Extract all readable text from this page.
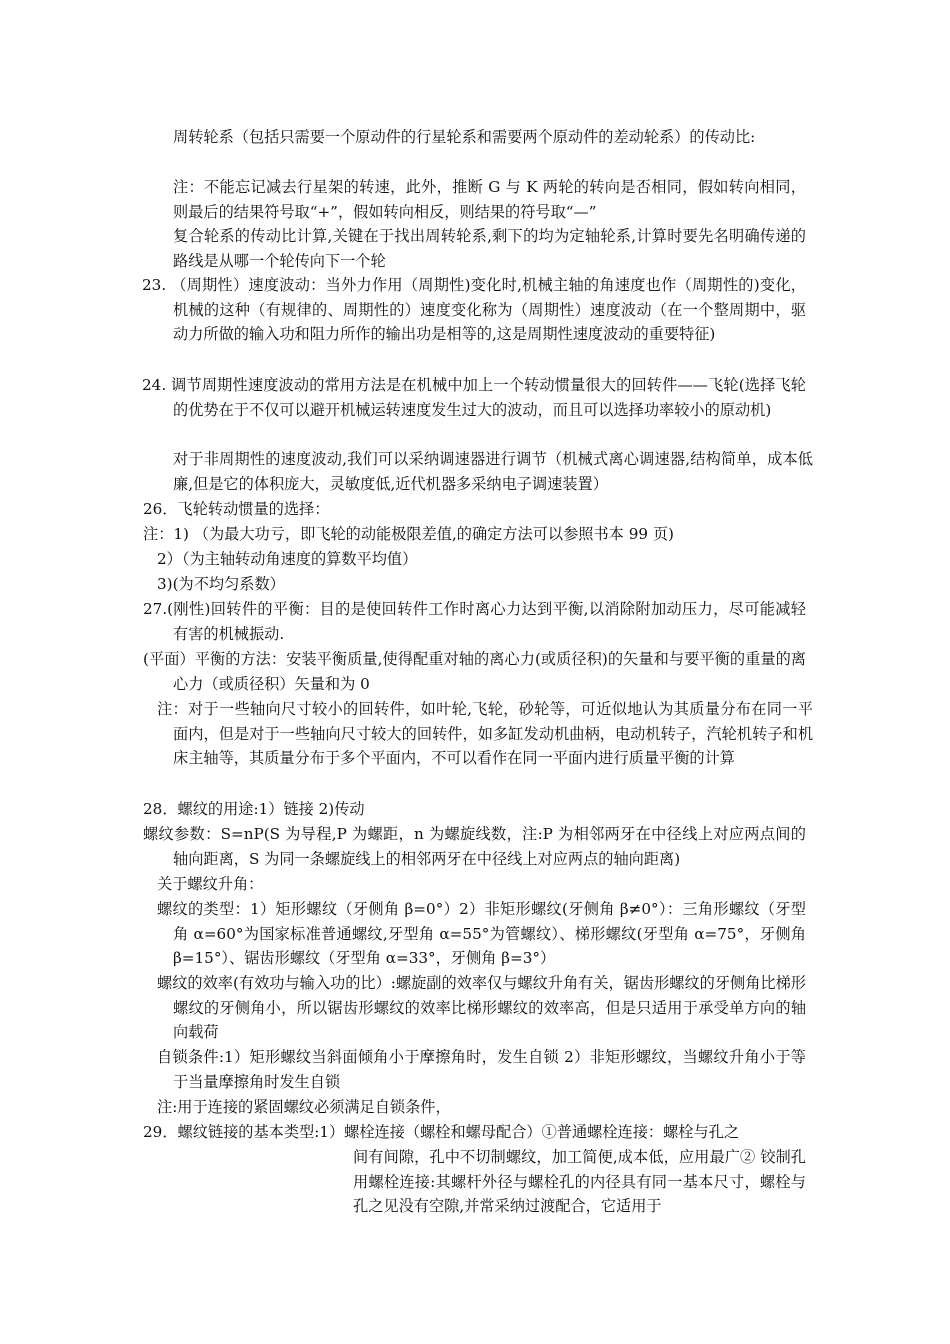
周转轮系（包括只需要一个原动件的行星轮系和需要两个原动件的差动轮系）的传动比:

注：不能忘记减去行星架的转速，此外，推断 G 与 K 两轮的转向是否相同，假如转向相同，则最后的结果符号取“+”，假如转向相反，则结果的符号取“—”

复合轮系的传动比计算,关键在于找出周转轮系,剩下的均为定轴轮系,计算时要先名明确传递的路线是从哪一个轮传向下一个轮

23. （周期性）速度波动：当外力作用（周期性)变化时,机械主轴的角速度也作（周期性的)变化，机械的这种（有规律的、周期性的）速度变化称为（周期性）速度波动（在一个整周期中，驱动力所做的输入功和阻力所作的输出功是相等的,这是周期性速度波动的重要特征)

24. 调节周期性速度波动的常用方法是在机械中加上一个转动惯量很大的回转件——飞轮(选择飞轮的优势在于不仅可以避开机械运转速度发生过大的波动，而且可以选择功率较小的原动机)

对于非周期性的速度波动,我们可以采纳调速器进行调节（机械式离心调速器,结构简单，成本低廉,但是它的体积庞大，灵敏度低,近代机器多采纳电子调速装置）

26．飞轮转动惯量的选择：

注：1) （为最大功亏，即飞轮的动能极限差值,的确定方法可以参照书本 99 页)

2）（为主轴转动角速度的算数平均值）

3)(为不均匀系数）

27.(刚性)回转件的平衡：目的是使回转件工作时离心力达到平衡,以消除附加动压力，尽可能减轻有害的机械振动.

(平面）平衡的方法：安装平衡质量,使得配重对轴的离心力(或质径积)的矢量和与要平衡的重量的离心力（或质径积）矢量和为 0

注：对于一些轴向尺寸较小的回转件，如叶轮,飞轮，砂轮等，可近似地认为其质量分布在同一平面内，但是对于一些轴向尺寸较大的回转件，如多缸发动机曲柄，电动机转子，汽轮机转子和机床主轴等，其质量分布于多个平面内，不可以看作在同一平面内进行质量平衡的计算

28．螺纹的用途:1）链接 2)传动

螺纹参数：S=nP(S 为导程,P 为螺距，n 为螺旋线数，注:P 为相邻两牙在中径线上对应两点间的轴向距离，S 为同一条螺旋线上的相邻两牙在中径线上对应两点的轴向距离)

关于螺纹升角：

螺纹的类型：1）矩形螺纹（牙侧角 β=0°）2）非矩形螺纹(牙侧角 β≠0°）：三角形螺纹（牙型角 α=60°为国家标准普通螺纹,牙型角 α=55°为管螺纹）、梯形螺纹(牙型角 α=75°，牙侧角 β=15°）、锯齿形螺纹（牙型角 α=33°，牙侧角 β=3°）

螺纹的效率(有效功与输入功的比）:螺旋副的效率仅与螺纹升角有关，锯齿形螺纹的牙侧角比梯形螺纹的牙侧角小，所以锯齿形螺纹的效率比梯形螺纹的效率高，但是只适用于承受单方向的轴向载荷

自锁条件:1）矩形螺纹当斜面倾角小于摩擦角时，发生自锁 2）非矩形螺纹，当螺纹升角小于等于当量摩擦角时发生自锁

注:用于连接的紧固螺纹必须满足自锁条件，

29．螺纹链接的基本类型:1）螺栓连接（螺栓和螺母配合）①普通螺栓连接：螺栓与孔之

间有间隙，孔中不切制螺纹，加工简便,成本低，应用最广② 铰制孔用螺栓连接:其螺杆外径与螺栓孔的内径具有同一基本尺寸，螺栓与孔之见没有空隙,并常采纳过渡配合，它适用于
